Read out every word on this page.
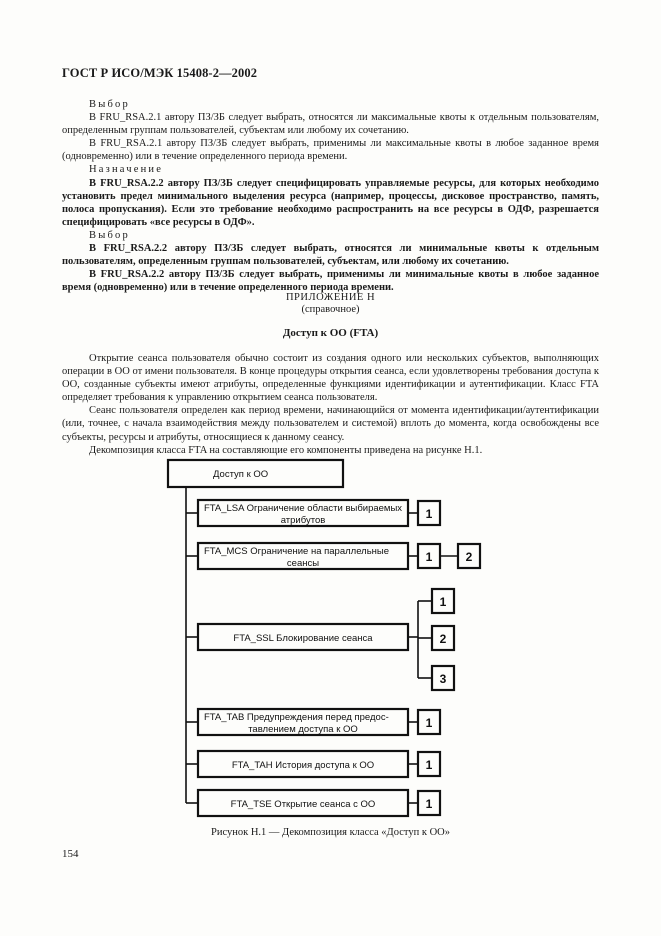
ГОСТ Р ИСО/МЭК 15408-2—2002

Выбор

В FRU_RSA.2.1 автору ПЗ/ЗБ следует выбрать, относятся ли максимальные квоты к отдельным пользователям, определенным группам пользователей, субъектам или любому их сочетанию.

В FRU_RSA.2.1 автору ПЗ/ЗБ следует выбрать, применимы ли максимальные квоты в любое заданное время (одновременно) или в течение определенного периода времени.

Назначение

В FRU_RSA.2.2 автору ПЗ/ЗБ следует специфицировать управляемые ресурсы, для которых необходимо установить предел минимального выделения ресурса (например, процессы, дисковое пространство, память, полоса пропускания). Если это требование необходимо распространить на все ресурсы в ОДФ, разрешается специфицировать «все ресурсы в ОДФ».

Выбор

В FRU_RSA.2.2 автору ПЗ/ЗБ следует выбрать, относятся ли минимальные квоты к отдельным пользователям, определенным группам пользователей, субъектам, или любому их сочетанию.

В FRU_RSA.2.2 автору ПЗ/ЗБ следует выбрать, применимы ли минимальные квоты в любое заданное время (одновременно) или в течение определенного периода времени.

ПРИЛОЖЕНИЕ Н
(справочное)
Доступ к ОО (FTA)

Открытие сеанса пользователя обычно состоит из создания одного или нескольких субъектов, выполняющих операции в ОО от имени пользователя. В конце процедуры открытия сеанса, если удовлетворены требования доступа к ОО, созданные субъекты имеют атрибуты, определенные функциями идентификации и аутентификации. Класс FTA определяет требования к управлению открытием сеанса пользователя.

Сеанс пользователя определен как период времени, начинающийся от момента идентификации/аутентификации (или, точнее, с начала взаимодействия между пользователем и системой) вплоть до момента, когда освобождены все субъекты, ресурсы и атрибуты, относящиеся к данному сеансу.

Декомпозиция класса FTA на составляющие его компоненты приведена на рисунке Н.1.

Доступ к ОО
FTA_LSA Ограничение области выбираемых
атрибутов	1
FTA_MCS Ограничение на параллельные
сеансы	1	2
FTA_SSL Блокирование сеанса
1
2
3
FTA_TAB Предупреждения перед предос-
тавлением доступа к ОО	1
FTA_TAH История доступа к ОО	1
FTA_TSE Открытие сеанса с ОО	1
Рисунок Н.1 — Декомпозиция класса «Доступ к ОО»
154
